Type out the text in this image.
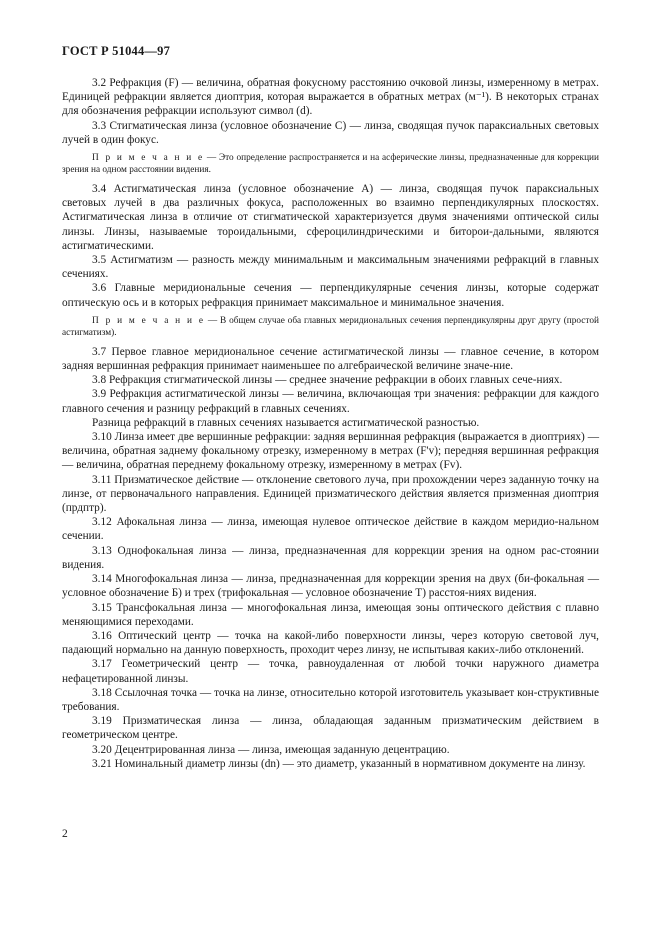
ГОСТ Р 51044—97

3.2 Рефракция (F) — величина, обратная фокусному расстоянию очковой линзы, измеренному в метрах. Единицей рефракции является диоптрия, которая выражается в обратных метрах (м⁻¹). В некоторых странах для обозначения рефракции используют символ (d).

3.3 Стигматическая линза (условное обозначение С) — линза, сводящая пучок параксиальных световых лучей в один фокус.

П р и м е ч а н и е — Это определение распространяется и на асферические линзы, предназначенные для коррекции зрения на одном расстоянии видения.

3.4 Астигматическая линза (условное обозначение А) — линза, сводящая пучок параксиальных световых лучей в два различных фокуса, расположенных во взаимно перпендикулярных плоскостях. Астигматическая линза в отличие от стигматической характеризуется двумя значениями оптической силы линзы. Линзы, называемые тороидальными, сфероцилиндрическими и биторои-дальными, являются астигматическими.

3.5 Астигматизм — разность между минимальным и максимальным значениями рефракций в главных сечениях.

3.6 Главные меридиональные сечения — перпендикулярные сечения линзы, которые содержат оптическую ось и в которых рефракция принимает максимальное и минимальное значения.

П р и м е ч а н и е — В общем случае оба главных меридиональных сечения перпендикулярны друг другу (простой астигматизм).

3.7 Первое главное меридиональное сечение астигматической линзы — главное сечение, в котором задняя вершинная рефракция принимает наименьшее по алгебраической величине значе-ние.

3.8 Рефракция стигматической линзы — среднее значение рефракции в обоих главных сече-ниях.

3.9 Рефракция астигматической линзы — величина, включающая три значения: рефракции для каждого главного сечения и разницу рефракций в главных сечениях.

Разница рефракций в главных сечениях называется астигматической разностью.

3.10 Линза имеет две вершинные рефракции: задняя вершинная рефракция (выражается в диоптриях) — величина, обратная заднему фокальному отрезку, измеренному в метрах (F'v); передняя вершинная рефракция — величина, обратная переднему фокальному отрезку, измеренному в метрах (Fv).

3.11 Призматическое действие — отклонение светового луча, при прохождении через заданную точку на линзе, от первоначального направления. Единицей призматического действия является призменная диоптрия (прдптр).

3.12 Афокальная линза — линза, имеющая нулевое оптическое действие в каждом меридио-нальном сечении.

3.13 Однофокальная линза — линза, предназначенная для коррекции зрения на одном рас-стоянии видения.

3.14 Многофокальная линза — линза, предназначенная для коррекции зрения на двух (би-фокальная — условное обозначение Б) и трех (трифокальная — условное обозначение Т) расстоя-ниях видения.

3.15 Трансфокальная линза — многофокальная линза, имеющая зоны оптического действия с плавно меняющимися переходами.

3.16 Оптический центр — точка на какой-либо поверхности линзы, через которую световой луч, падающий нормально на данную поверхность, проходит через линзу, не испытывая каких-либо отклонений.

3.17 Геометрический центр — точка, равноудаленная от любой точки наружного диаметра нефацетированной линзы.

3.18 Ссылочная точка — точка на линзе, относительно которой изготовитель указывает кон-структивные требования.

3.19 Призматическая линза — линза, обладающая заданным призматическим действием в геометрическом центре.

3.20 Децентрированная линза — линза, имеющая заданную децентрацию.

3.21 Номинальный диаметр линзы (dn) — это диаметр, указанный в нормативном документе на линзу.

2
